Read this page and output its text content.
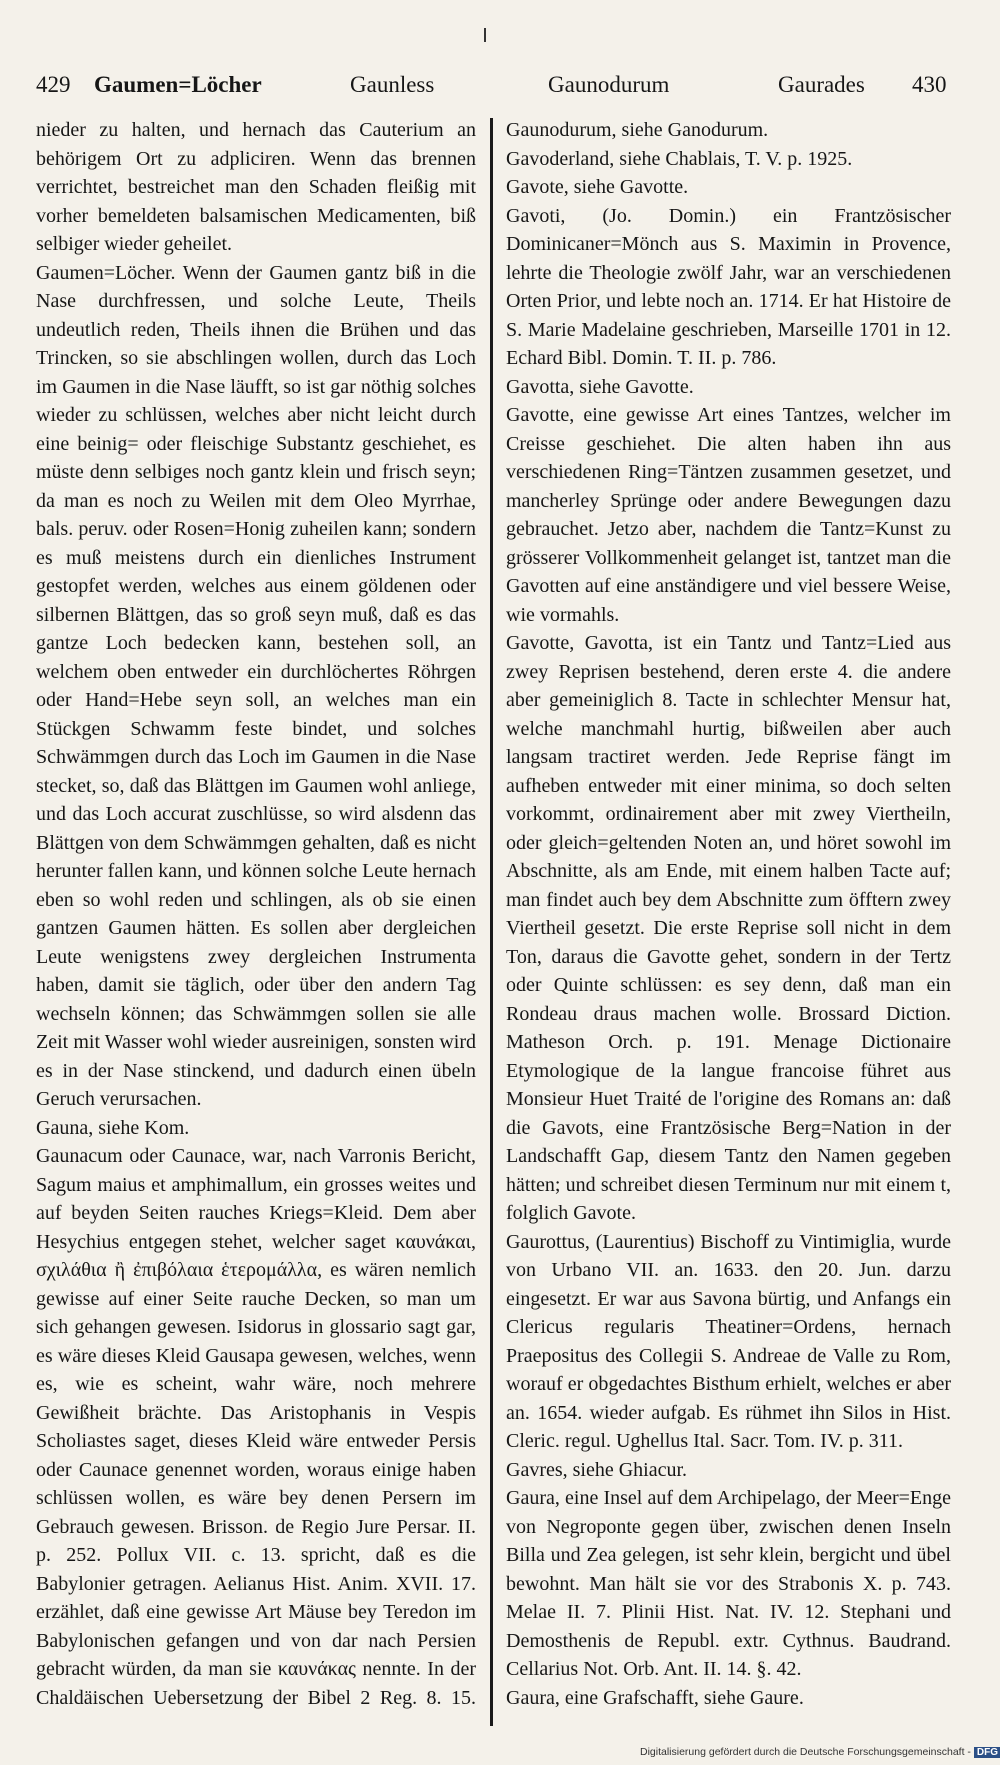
429 Gaumen=Löcher	Gaunless	Gaunodurum	Gaurades 430

nieder zu halten, und hernach das Cauterium an behörigem Ort zu adpliciren. Wenn das brennen verrichtet, bestreichet man den Schaden fleißig mit vorher bemeldeten balsamischen Medicamenten, biß selbiger wieder geheilet.

Gaumen=Löcher. Wenn der Gaumen gantz biß in die Nase durchfressen, und solche Leute, Theils undeutlich reden, Theils ihnen die Brühen und das Trincken, so sie abschlingen wollen, durch das Loch im Gaumen in die Nase läufft, so ist gar nöthig solches wieder zu schlüssen, welches aber nicht leicht durch eine beinig= oder fleischige Substantz geschiehet, es müste denn selbiges noch gantz klein und frisch seyn; da man es noch zu Weilen mit dem Oleo Myrrhae, bals. peruv. oder Rosen=Honig zuheilen kann; sondern es muß meistens durch ein dienliches Instrument gestopfet werden, welches aus einem göldenen oder silbernen Blättgen, das so groß seyn muß, daß es das gantze Loch bedecken kann, bestehen soll, an welchem oben entweder ein durchlöchertes Röhrgen oder Hand=Hebe seyn soll, an welches man ein Stückgen Schwamm feste bindet, und solches Schwämmgen durch das Loch im Gaumen in die Nase stecket, so, daß das Blättgen im Gaumen wohl anliege, und das Loch accurat zuschlüsse, so wird alsdenn das Blättgen von dem Schwämmgen gehalten, daß es nicht herunter fallen kann, und können solche Leute hernach eben so wohl reden und schlingen, als ob sie einen gantzen Gaumen hätten. Es sollen aber dergleichen Leute wenigstens zwey dergleichen Instrumenta haben, damit sie täglich, oder über den andern Tag wechseln können; das Schwämmgen sollen sie alle Zeit mit Wasser wohl wieder ausreinigen, sonsten wird es in der Nase stinckend, und dadurch einen übeln Geruch verursachen.

Gauna, siehe Kom.

Gaunacum oder Caunace, war, nach Varronis Bericht, Sagum maius et amphimallum, ein grosses weites und auf beyden Seiten rauches Kriegs=Kleid. Dem aber Hesychius entgegen stehet, welcher saget καυνάκαι, σχιλάθια ἢ ἐπιβόλαια ἑτερομάλλα, es wären nemlich gewisse auf einer Seite rauche Decken, so man um sich gehangen gewesen. Isidorus in glossario sagt gar, es wäre dieses Kleid Gausapa gewesen, welches, wenn es, wie es scheint, wahr wäre, noch mehrere Gewißheit brächte. Das Aristophanis in Vespis Scholiastes saget, dieses Kleid wäre entweder Persis oder Caunace genennet worden, woraus einige haben schlüssen wollen, es wäre bey denen Persern im Gebrauch gewesen. Brisson. de Regio Jure Persar. II. p. 252. Pollux VII. c. 13. spricht, daß es die Babylonier getragen. Aelianus Hist. Anim. XVII. 17. erzählet, daß eine gewisse Art Mäuse bey Teredon im Babylonischen gefangen und von dar nach Persien gebracht würden, da man sie καυνάκας nennte. In der Chaldäischen Uebersetzung der Bibel 2 Reg. 8. 15.

Gaunodurum, siehe Ganodurum.

Gavoderland, siehe Chablais, T. V. p. 1925.

Gavote, siehe Gavotte.

Gavoti, (Jo. Domin.) ein Frantzösischer Dominicaner=Mönch aus S. Maximin in Provence, lehrte die Theologie zwölf Jahr, war an verschiedenen Orten Prior, und lebte noch an. 1714. Er hat Histoire de S. Marie Madelaine geschrieben, Marseille 1701 in 12. Echard Bibl. Domin. T. II. p. 786.

Gavotta, siehe Gavotte.

Gavotte, eine gewisse Art eines Tantzes, welcher im Creisse geschiehet. Die alten haben ihn aus verschiedenen Ring=Täntzen zusammen gesetzet, und mancherley Sprünge oder andere Bewegungen dazu gebrauchet. Jetzo aber, nachdem die Tantz=Kunst zu grösserer Vollkommenheit gelanget ist, tantzet man die Gavotten auf eine anständigere und viel bessere Weise, wie vormahls.

Gavotte, Gavotta, ist ein Tantz und Tantz=Lied aus zwey Reprisen bestehend, deren erste 4. die andere aber gemeiniglich 8. Tacte in schlechter Mensur hat, welche manchmahl hurtig, bißweilen aber auch langsam tractiret werden. Jede Reprise fängt im aufheben entweder mit einer minima, so doch selten vorkommt, ordinairement aber mit zwey Viertheiln, oder gleich=geltenden Noten an, und höret sowohl im Abschnitte, als am Ende, mit einem halben Tacte auf; man findet auch bey dem Abschnitte zum öfftern zwey Viertheil gesetzt. Die erste Reprise soll nicht in dem Ton, daraus die Gavotte gehet, sondern in der Tertz oder Quinte schlüssen: es sey denn, daß man ein Rondeau draus machen wolle. Brossard Diction. Matheson Orch. p. 191. Menage Dictionaire Etymologique de la langue francoise führet aus Monsieur Huet Traité de l'origine des Romans an: daß die Gavots, eine Frantzösische Berg=Nation in der Landschafft Gap, diesem Tantz den Namen gegeben hätten; und schreibet diesen Terminum nur mit einem t, folglich Gavote.

Gaurottus, (Laurentius) Bischoff zu Vintimiglia, wurde von Urbano VII. an. 1633. den 20. Jun. darzu eingesetzt. Er war aus Savona bürtig, und Anfangs ein Clericus regularis Theatiner=Ordens, hernach Praepositus des Collegii S. Andreae de Valle zu Rom, worauf er obgedachtes Bisthum erhielt, welches er aber an. 1654. wieder aufgab. Es rühmet ihn Silos in Hist. Cleric. regul. Ughellus Ital. Sacr. Tom. IV. p. 311.

Gavres, siehe Ghiacur.

Gaura, eine Insel auf dem Archipelago, der Meer=Enge von Negroponte gegen über, zwischen denen Inseln Billa und Zea gelegen, ist sehr klein, bergicht und übel bewohnt. Man hält sie vor des Strabonis X. p. 743. Melae II. 7. Plinii Hist. Nat. IV. 12. Stephani und Demosthenis de Republ. extr. Cythnus. Baudrand. Cellarius Not. Orb. Ant. II. 14. §. 42.

Gaura, eine Grafschafft, siehe Gaure.

Digitalisierung gefördert durch die Deutsche Forschungsgemeinschaft - DFG
